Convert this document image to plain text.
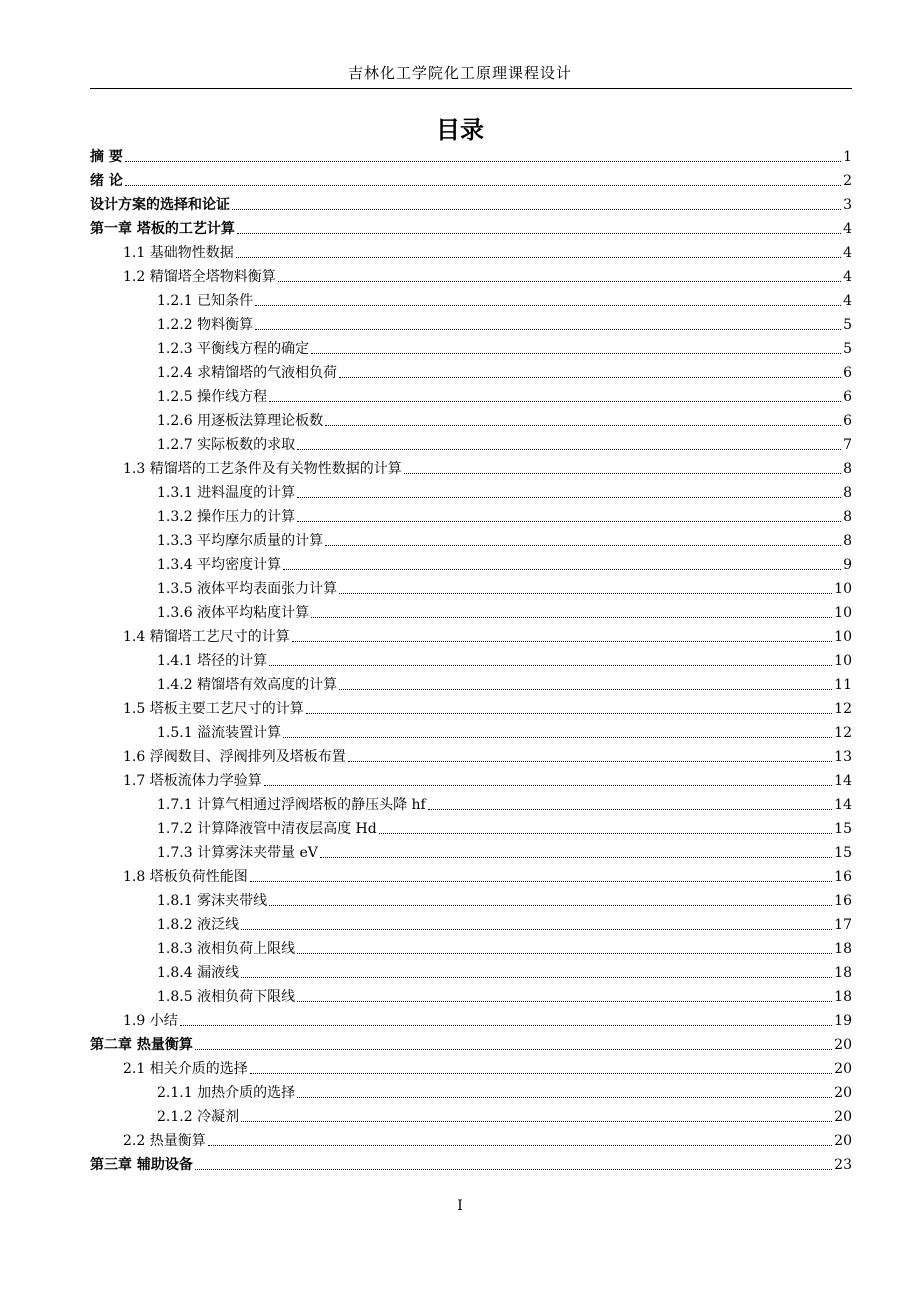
吉林化工学院化工原理课程设计
目录
摘 要	1
绪 论	2
设计方案的选择和论证	3
第一章 塔板的工艺计算	4
1.1 基础物性数据	4
1.2 精馏塔全塔物料衡算	4
1.2.1 已知条件	4
1.2.2 物料衡算	5
1.2.3 平衡线方程的确定	5
1.2.4 求精馏塔的气液相负荷	6
1.2.5 操作线方程	6
1.2.6 用逐板法算理论板数	6
1.2.7 实际板数的求取	7
1.3 精馏塔的工艺条件及有关物性数据的计算	8
1.3.1 进料温度的计算	8
1.3.2 操作压力的计算	8
1.3.3 平均摩尔质量的计算	8
1.3.4 平均密度计算	9
1.3.5 液体平均表面张力计算	10
1.3.6 液体平均粘度计算	10
1.4 精馏塔工艺尺寸的计算	10
1.4.1 塔径的计算	10
1.4.2 精馏塔有效高度的计算	11
1.5 塔板主要工艺尺寸的计算	12
1.5.1 溢流装置计算	12
1.6 浮阀数目、浮阀排列及塔板布置	13
1.7 塔板流体力学验算	14
1.7.1 计算气相通过浮阀塔板的静压头降 hf	14
1.7.2 计算降液管中清夜层高度 Hd	15
1.7.3 计算雾沫夹带量 eV	15
1.8 塔板负荷性能图	16
1.8.1 雾沫夹带线	16
1.8.2 液泛线	17
1.8.3 液相负荷上限线	18
1.8.4 漏液线	18
1.8.5 液相负荷下限线	18
1.9 小结	19
第二章 热量衡算	20
2.1 相关介质的选择	20
2.1.1 加热介质的选择	20
2.1.2 冷凝剂	20
2.2 热量衡算	20
第三章 辅助设备	23
I
